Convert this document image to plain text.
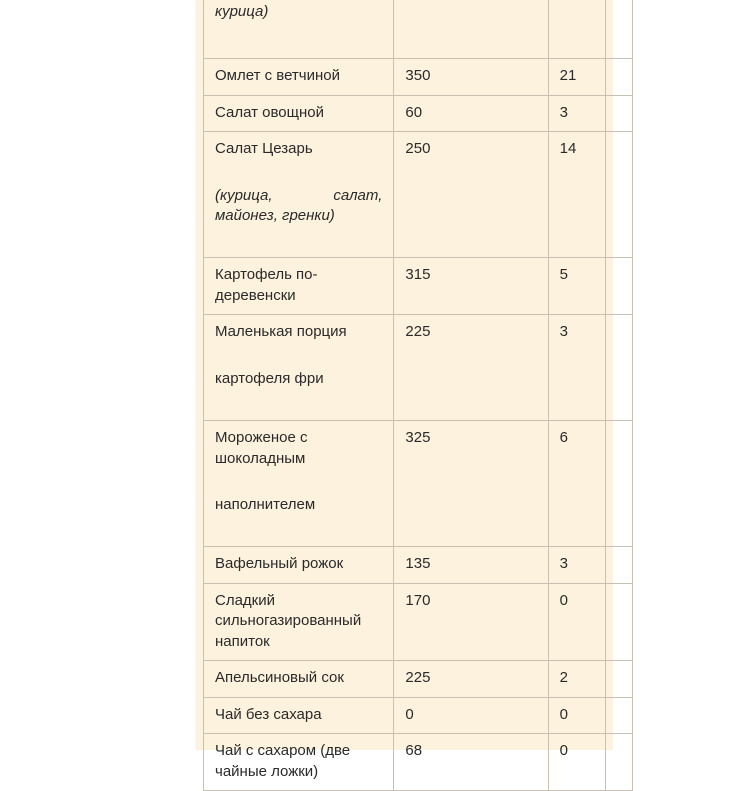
курица)			

Омлет с ветчиной	350	21	

Салат овощной	60	3	

Салат Цезарь
(курица, салат, майонез, гренки)	250	14	

Картофель по-деревенски	315	5	

Маленькая порция
картофеля фри	225	3	

Мороженое с шоколадным
наполнителем	325	6	

Вафельный рожок	135	3	

Сладкий сильногазированный напиток	170	0	

Апельсиновый сок	225	2	

Чай без сахара	0	0	

Чай с сахаром (две чайные ложки)	68	0	
